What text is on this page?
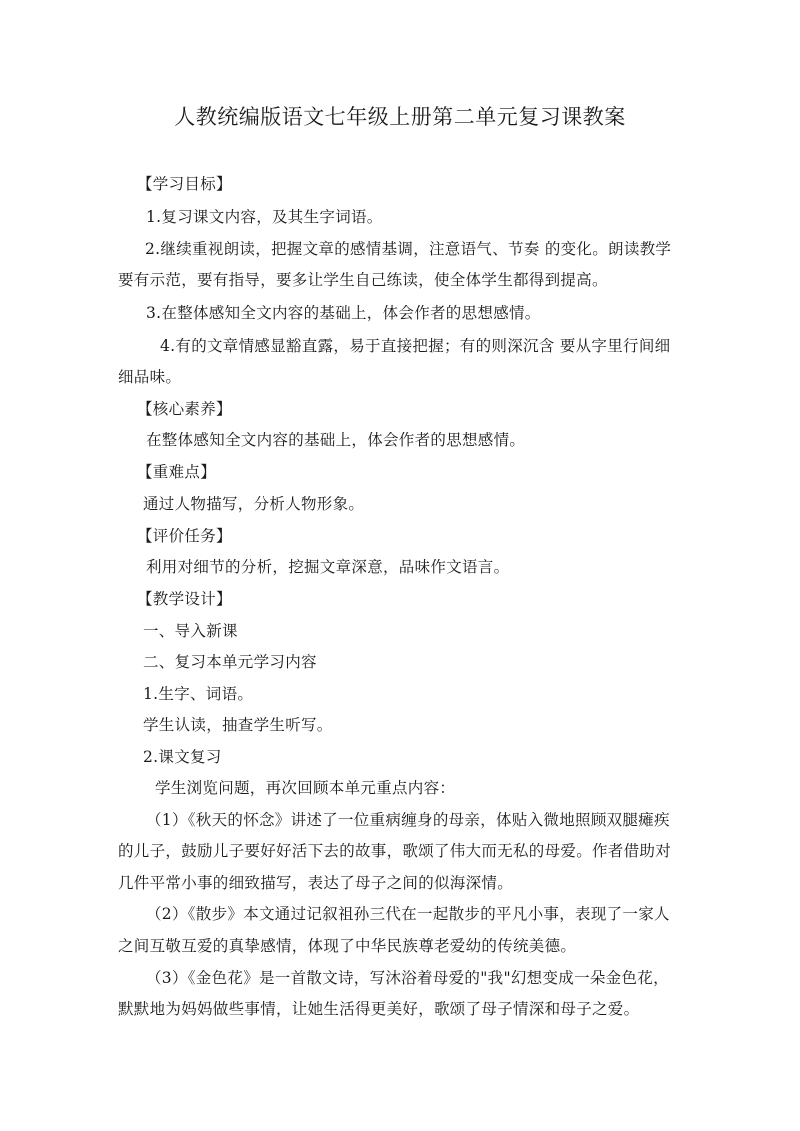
人教统编版语文七年级上册第二单元复习课教案
【学习目标】
1.复习课文内容，及其生字词语。
2.继续重视朗读，把握文章的感情基调，注意语气、节奏 的变化。朗读教学
要有示范，要有指导，要多让学生自己练读，使全体学生都得到提高。
3.在整体感知全文内容的基础上，体会作者的思想感情。
4.有的文章情感显豁直露，易于直接把握；有的则深沉含 要从字里行间细
细品味。
【核心素养】
在整体感知全文内容的基础上，体会作者的思想感情。
【重难点】
通过人物描写，分析人物形象。
【评价任务】
利用对细节的分析，挖掘文章深意，品味作文语言。
【教学设计】
一、导入新课
二、复习本单元学习内容
1.生字、词语。
学生认读，抽查学生听写。
2.课文复习
学生浏览问题，再次回顾本单元重点内容：
（1）《秋天的怀念》讲述了一位重病缠身的母亲，体贴入微地照顾双腿瘫疾
的儿子，鼓励儿子要好好活下去的故事，歌颂了伟大而无私的母爱。作者借助对
几件平常小事的细致描写，表达了母子之间的似海深情。
（2）《散步》本文通过记叙祖孙三代在一起散步的平凡小事，表现了一家人
之间互敬互爱的真挚感情，体现了中华民族尊老爱幼的传统美德。
（3）《金色花》是一首散文诗，写沐浴着母爱的"我"幻想变成一朵金色花，
默默地为妈妈做些事情，让她生活得更美好，歌颂了母子情深和母子之爱。
